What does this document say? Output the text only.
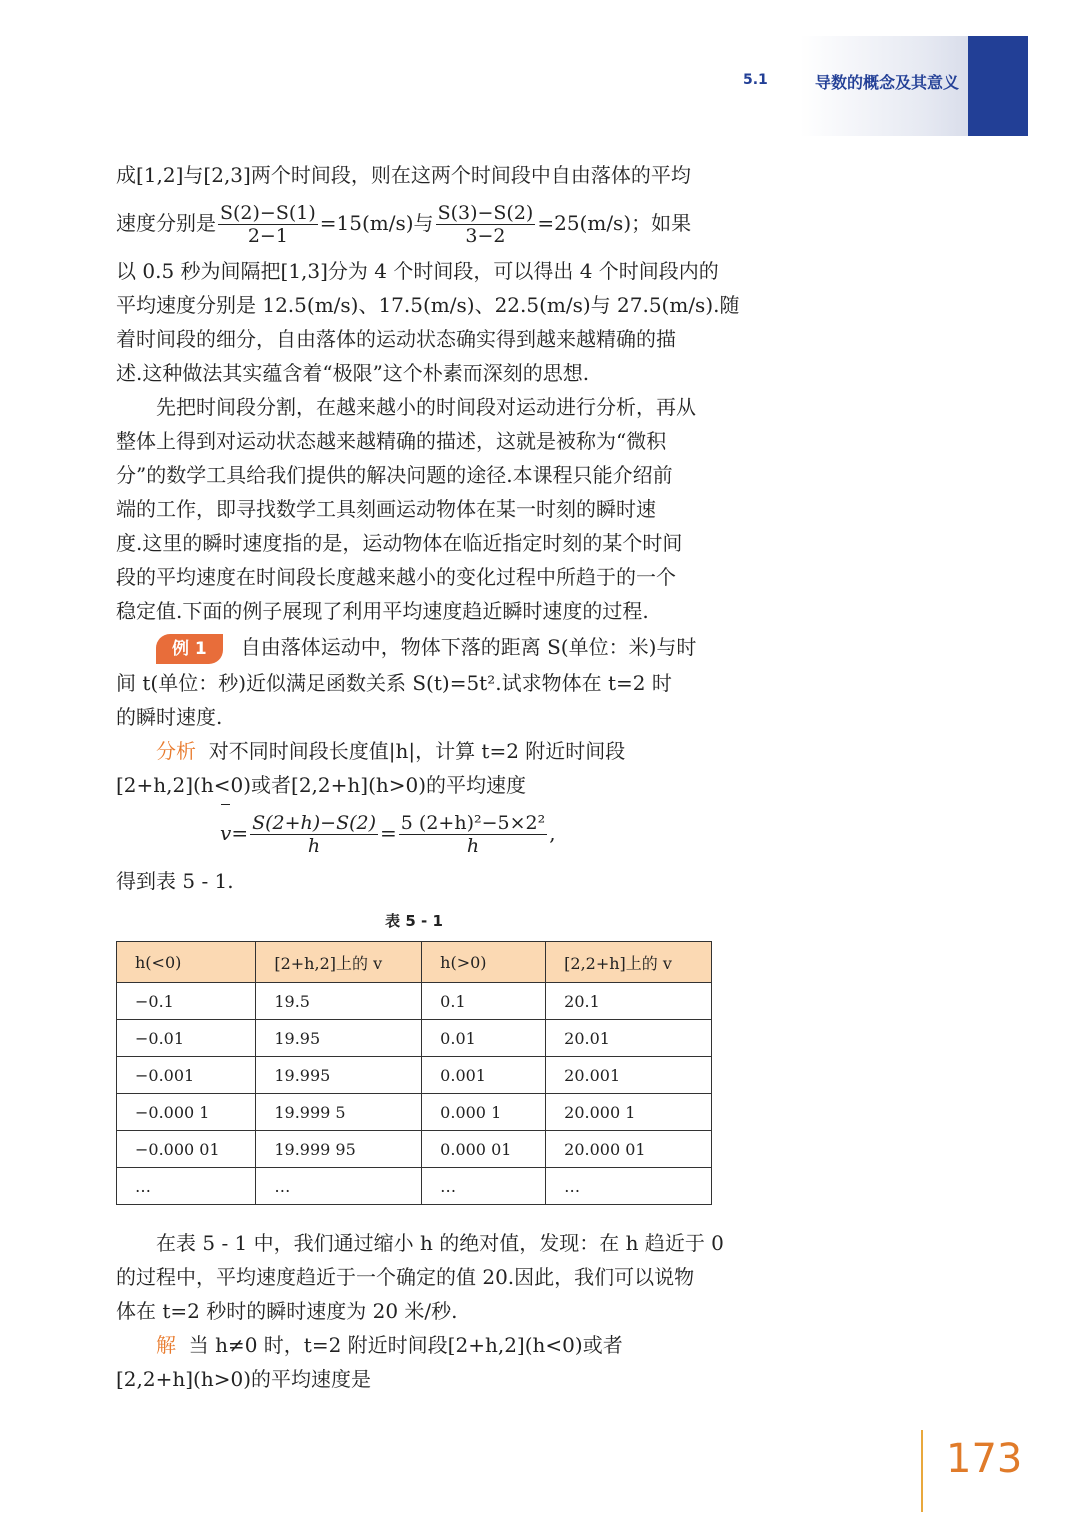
5.1	导数的概念及其意义
成[1,2]与[2,3]两个时间段，则在这两个时间段中自由落体的平均
速度分别是 $\frac{S(2)-S(1)}{2-1} =15(m/s)$与 $\frac{S(3)-S(2)}{3-2} =25(m/s)$；如果
以 0.5 秒为间隔把[1,3]分为 4 个时间段，可以得出 4 个时间段内的
平均速度分别是 12.5(m/s)、17.5(m/s)、22.5(m/s)与 27.5(m/s).随
着时间段的细分，自由落体的运动状态确实得到越来越精确的描
述.这种做法其实蕴含着“极限”这个朴素而深刻的思想.
先把时间段分割，在越来越小的时间段对运动进行分析，再从
整体上得到对运动状态越来越精确的描述，这就是被称为“微积
分”的数学工具给我们提供的解决问题的途径.本课程只能介绍前
端的工作，即寻找数学工具刻画运动物体在某一时刻的瞬时速
度.这里的瞬时速度指的是，运动物体在临近指定时刻的某个时间
段的平均速度在时间段长度越来越小的变化过程中所趋于的一个
稳定值.下面的例子展现了利用平均速度趋近瞬时速度的过程.
例 1 自由落体运动中，物体下落的距离 S(单位：米)与时
间 t(单位：秒)近似满足函数关系 S(t)=5t².试求物体在 t=2 时
的瞬时速度.
分析 对不同时间段长度值|h|，计算 t=2 附近时间段
[2+h,2](h<0)或者[2,2+h](h>0)的平均速度
$v= \frac{S(2+h)-S(2)}{h} = \frac{\text{5 (2+h)²−5×2²}}{h}$ ,
得到表 5 - 1.
表 5 - 1
h(<0)	[2+h,2]上的 v	h(>0)	[2,2+h]上的 v
−0.1	19.5	0.1	20.1
−0.01	19.95	0.01	20.01
−0.001	19.995	0.001	20.001
−0.000 1	19.999 5	0.000 1	20.000 1
−0.000 01	19.999 95	0.000 01	20.000 01
…	…	…	…
在表 5 - 1 中，我们通过缩小 h 的绝对值，发现：在 h 趋近于 0
的过程中，平均速度趋近于一个确定的值 20.因此，我们可以说物
体在 t=2 秒时的瞬时速度为 20 米/秒.
解 当 h≠0 时，t=2 附近时间段[2+h,2](h<0)或者
[2,2+h](h>0)的平均速度是
173
